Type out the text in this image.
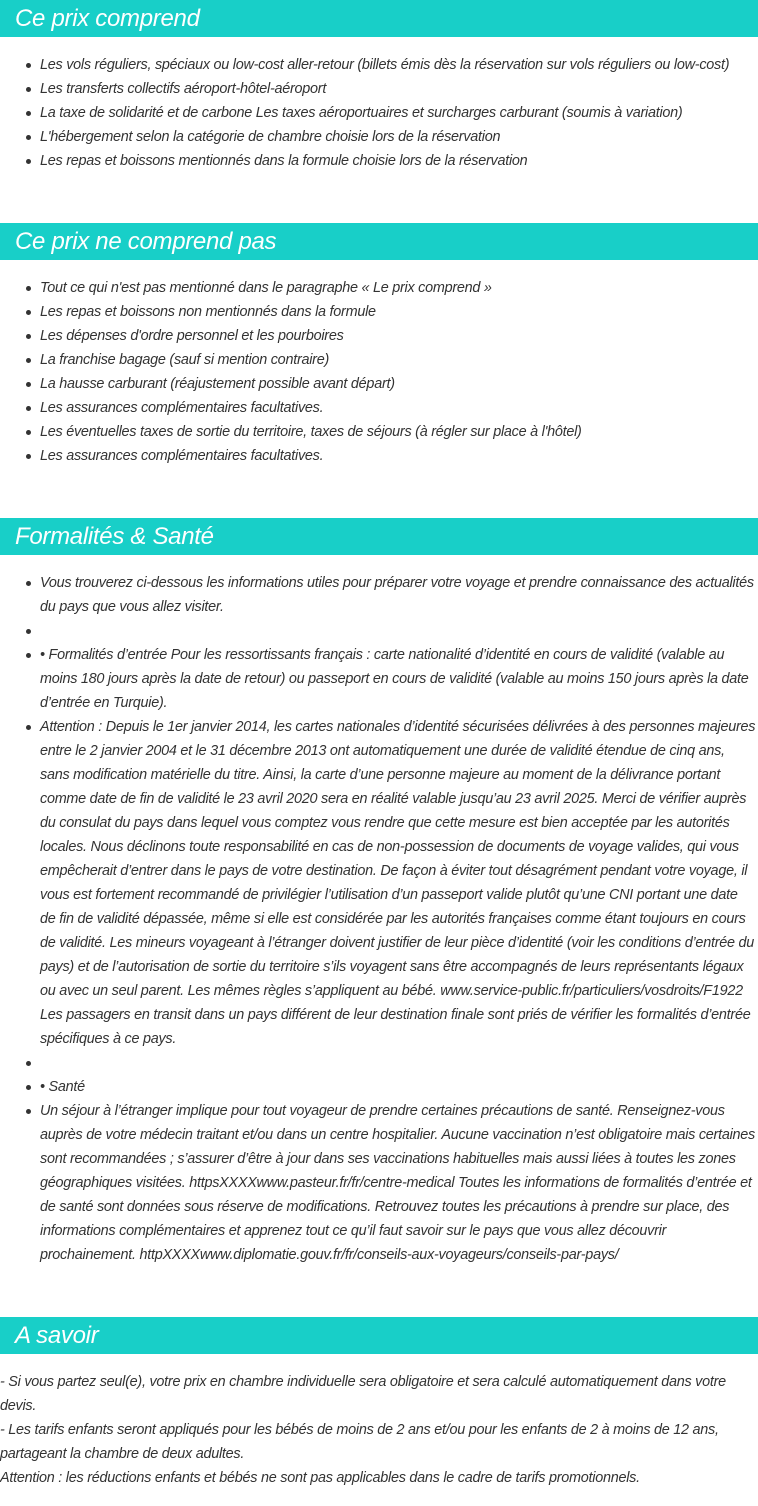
Ce prix comprend
Les vols réguliers, spéciaux ou low-cost aller-retour (billets émis dès la réservation sur vols réguliers ou low-cost)
Les transferts collectifs aéroport-hôtel-aéroport
La taxe de solidarité et de carbone Les taxes aéroportuaires et surcharges carburant (soumis à variation)
L'hébergement selon la catégorie de chambre choisie lors de la réservation
Les repas et boissons mentionnés dans la formule choisie lors de la réservation
Ce prix ne comprend pas
Tout ce qui n'est pas mentionné dans le paragraphe « Le prix comprend »
Les repas et boissons non mentionnés dans la formule
Les dépenses d'ordre personnel et les pourboires
La franchise bagage (sauf si mention contraire)
La hausse carburant (réajustement possible avant départ)
Les assurances complémentaires facultatives.
Les éventuelles taxes de sortie du territoire, taxes de séjours (à régler sur place à l'hôtel)
Les assurances complémentaires facultatives.
Formalités & Santé
Vous trouverez ci-dessous les informations utiles pour préparer votre voyage et prendre connaissance des actualités du pays que vous allez visiter.
• Formalités d’entrée Pour les ressortissants français : carte nationalité d’identité en cours de validité (valable au moins 180 jours après la date de retour) ou passeport en cours de validité (valable au moins 150 jours après la date d’entrée en Turquie).
Attention : Depuis le 1er janvier 2014, les cartes nationales d’identité sécurisées délivrées à des personnes majeures entre le 2 janvier 2004 et le 31 décembre 2013 ont automatiquement une durée de validité étendue de cinq ans, sans modification matérielle du titre. Ainsi, la carte d’une personne majeure au moment de la délivrance portant comme date de fin de validité le 23 avril 2020 sera en réalité valable jusqu’au 23 avril 2025. Merci de vérifier auprès du consulat du pays dans lequel vous comptez vous rendre que cette mesure est bien acceptée par les autorités locales. Nous déclinons toute responsabilité en cas de non-possession de documents de voyage valides, qui vous empêcherait d’entrer dans le pays de votre destination. De façon à éviter tout désagrément pendant votre voyage, il vous est fortement recommandé de privilégier l’utilisation d’un passeport valide plutôt qu’une CNI portant une date de fin de validité dépassée, même si elle est considérée par les autorités françaises comme étant toujours en cours de validité. Les mineurs voyageant à l’étranger doivent justifier de leur pièce d’identité (voir les conditions d’entrée du pays) et de l’autorisation de sortie du territoire s’ils voyagent sans être accompagnés de leurs représentants légaux ou avec un seul parent. Les mêmes règles s’appliquent au bébé. www.service-public.fr/particuliers/vosdroits/F1922 Les passagers en transit dans un pays différent de leur destination finale sont priés de vérifier les formalités d’entrée spécifiques à ce pays.
• Santé
Un séjour à l’étranger implique pour tout voyageur de prendre certaines précautions de santé. Renseignez-vous auprès de votre médecin traitant et/ou dans un centre hospitalier. Aucune vaccination n’est obligatoire mais certaines sont recommandées ; s’assurer d’être à jour dans ses vaccinations habituelles mais aussi liées à toutes les zones géographiques visitées. httpsXXXXwww.pasteur.fr/fr/centre-medical Toutes les informations de formalités d’entrée et de santé sont données sous réserve de modifications. Retrouvez toutes les précautions à prendre sur place, des informations complémentaires et apprenez tout ce qu’il faut savoir sur le pays que vous allez découvrir prochainement. httpXXXXwww.diplomatie.gouv.fr/fr/conseils-aux-voyageurs/conseils-par-pays/
A savoir
- Si vous partez seul(e), votre prix en chambre individuelle sera obligatoire et sera calculé automatiquement dans votre devis.
- Les tarifs enfants seront appliqués pour les bébés de moins de 2 ans et/ou pour les enfants de 2 à moins de 12 ans, partageant la chambre de deux adultes.
Attention : les réductions enfants et bébés ne sont pas applicables dans le cadre de tarifs promotionnels.
